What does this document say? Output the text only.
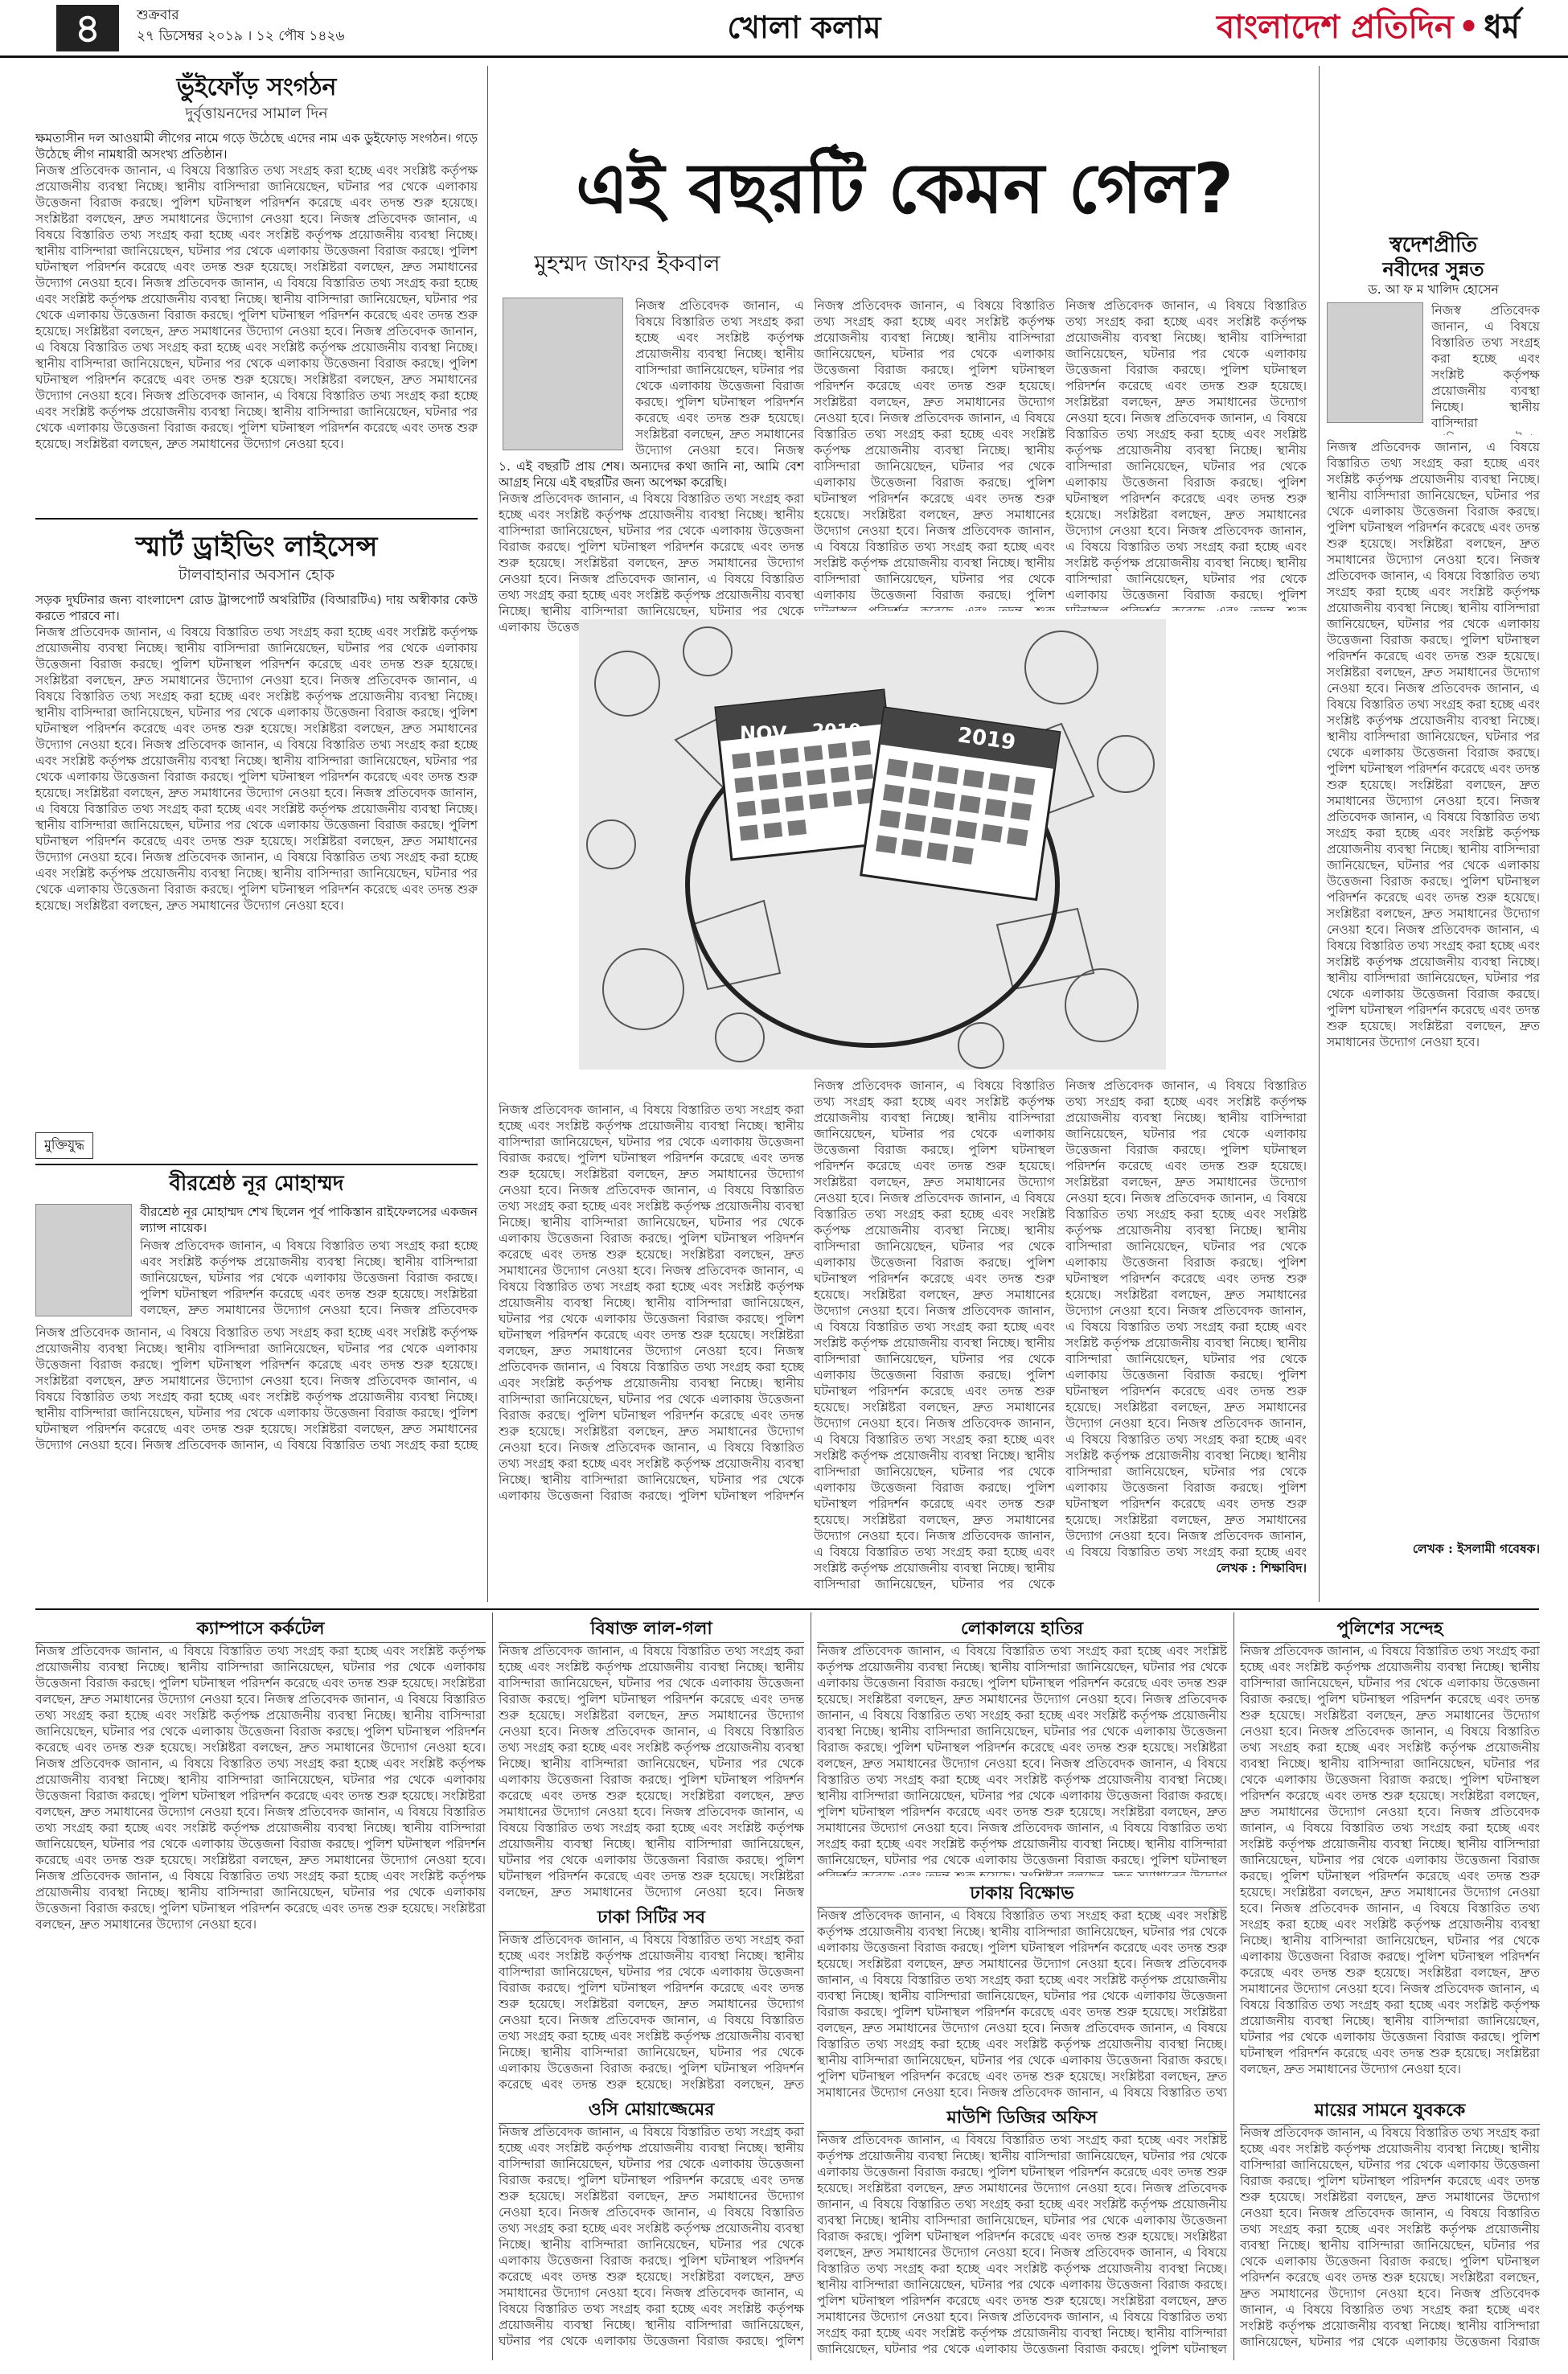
৪	শুক্রবার
২৭ ডিসেম্বর ২০১৯ । ১২ পৌষ ১৪২৬	খোলা কলাম	বাংলাদেশ প্রতিদিন • ধর্ম
ভুঁইফোঁড় সংগঠন
দুর্বৃত্তায়নদের সামাল দিন
ক্ষমতাসীন দল আওয়ামী লীগের নামে গড়ে উঠেছে এদের নাম এক ডুইফোড় সংগঠন। গড়ে উঠেছে লীগ নামধারী অসংখ্য প্রতিষ্ঠান।
নিজস্ব প্রতিবেদক জানান, এ বিষয়ে বিস্তারিত তথ্য সংগ্রহ করা হচ্ছে এবং সংশ্লিষ্ট কর্তৃপক্ষ প্রয়োজনীয় ব্যবস্থা নিচ্ছে। স্থানীয় বাসিন্দারা জানিয়েছেন, ঘটনার পর থেকে এলাকায় উত্তেজনা বিরাজ করছে। পুলিশ ঘটনাস্থল পরিদর্শন করেছে এবং তদন্ত শুরু হয়েছে। সংশ্লিষ্টরা বলছেন, দ্রুত সমাধানের উদ্যোগ নেওয়া হবে। নিজস্ব প্রতিবেদক জানান, এ বিষয়ে বিস্তারিত তথ্য সংগ্রহ করা হচ্ছে এবং সংশ্লিষ্ট কর্তৃপক্ষ প্রয়োজনীয় ব্যবস্থা নিচ্ছে। স্থানীয় বাসিন্দারা জানিয়েছেন, ঘটনার পর থেকে এলাকায় উত্তেজনা বিরাজ করছে। পুলিশ ঘটনাস্থল পরিদর্শন করেছে এবং তদন্ত শুরু হয়েছে। সংশ্লিষ্টরা বলছেন, দ্রুত সমাধানের উদ্যোগ নেওয়া হবে। নিজস্ব প্রতিবেদক জানান, এ বিষয়ে বিস্তারিত তথ্য সংগ্রহ করা হচ্ছে এবং সংশ্লিষ্ট কর্তৃপক্ষ প্রয়োজনীয় ব্যবস্থা নিচ্ছে। স্থানীয় বাসিন্দারা জানিয়েছেন, ঘটনার পর থেকে এলাকায় উত্তেজনা বিরাজ করছে। পুলিশ ঘটনাস্থল পরিদর্শন করেছে এবং তদন্ত শুরু হয়েছে। সংশ্লিষ্টরা বলছেন, দ্রুত সমাধানের উদ্যোগ নেওয়া হবে। নিজস্ব প্রতিবেদক জানান, এ বিষয়ে বিস্তারিত তথ্য সংগ্রহ করা হচ্ছে এবং সংশ্লিষ্ট কর্তৃপক্ষ প্রয়োজনীয় ব্যবস্থা নিচ্ছে। স্থানীয় বাসিন্দারা জানিয়েছেন, ঘটনার পর থেকে এলাকায় উত্তেজনা বিরাজ করছে। পুলিশ ঘটনাস্থল পরিদর্শন করেছে এবং তদন্ত শুরু হয়েছে। সংশ্লিষ্টরা বলছেন, দ্রুত সমাধানের উদ্যোগ নেওয়া হবে। নিজস্ব প্রতিবেদক জানান, এ বিষয়ে বিস্তারিত তথ্য সংগ্রহ করা হচ্ছে এবং সংশ্লিষ্ট কর্তৃপক্ষ প্রয়োজনীয় ব্যবস্থা নিচ্ছে। স্থানীয় বাসিন্দারা জানিয়েছেন, ঘটনার পর থেকে এলাকায় উত্তেজনা বিরাজ করছে। পুলিশ ঘটনাস্থল পরিদর্শন করেছে এবং তদন্ত শুরু হয়েছে। সংশ্লিষ্টরা বলছেন, দ্রুত সমাধানের উদ্যোগ নেওয়া হবে।
স্মার্ট ড্রাইভিং লাইসেন্স
টালবাহানার অবসান হোক
সড়ক দুর্ঘটনার জন্য বাংলাদেশ রোড ট্রান্সপোর্ট অথরিটির (বিআরটিএ) দায় অস্বীকার কেউ করতে পারবে না।
নিজস্ব প্রতিবেদক জানান, এ বিষয়ে বিস্তারিত তথ্য সংগ্রহ করা হচ্ছে এবং সংশ্লিষ্ট কর্তৃপক্ষ প্রয়োজনীয় ব্যবস্থা নিচ্ছে। স্থানীয় বাসিন্দারা জানিয়েছেন, ঘটনার পর থেকে এলাকায় উত্তেজনা বিরাজ করছে। পুলিশ ঘটনাস্থল পরিদর্শন করেছে এবং তদন্ত শুরু হয়েছে। সংশ্লিষ্টরা বলছেন, দ্রুত সমাধানের উদ্যোগ নেওয়া হবে। নিজস্ব প্রতিবেদক জানান, এ বিষয়ে বিস্তারিত তথ্য সংগ্রহ করা হচ্ছে এবং সংশ্লিষ্ট কর্তৃপক্ষ প্রয়োজনীয় ব্যবস্থা নিচ্ছে। স্থানীয় বাসিন্দারা জানিয়েছেন, ঘটনার পর থেকে এলাকায় উত্তেজনা বিরাজ করছে। পুলিশ ঘটনাস্থল পরিদর্শন করেছে এবং তদন্ত শুরু হয়েছে। সংশ্লিষ্টরা বলছেন, দ্রুত সমাধানের উদ্যোগ নেওয়া হবে। নিজস্ব প্রতিবেদক জানান, এ বিষয়ে বিস্তারিত তথ্য সংগ্রহ করা হচ্ছে এবং সংশ্লিষ্ট কর্তৃপক্ষ প্রয়োজনীয় ব্যবস্থা নিচ্ছে। স্থানীয় বাসিন্দারা জানিয়েছেন, ঘটনার পর থেকে এলাকায় উত্তেজনা বিরাজ করছে। পুলিশ ঘটনাস্থল পরিদর্শন করেছে এবং তদন্ত শুরু হয়েছে। সংশ্লিষ্টরা বলছেন, দ্রুত সমাধানের উদ্যোগ নেওয়া হবে। নিজস্ব প্রতিবেদক জানান, এ বিষয়ে বিস্তারিত তথ্য সংগ্রহ করা হচ্ছে এবং সংশ্লিষ্ট কর্তৃপক্ষ প্রয়োজনীয় ব্যবস্থা নিচ্ছে। স্থানীয় বাসিন্দারা জানিয়েছেন, ঘটনার পর থেকে এলাকায় উত্তেজনা বিরাজ করছে। পুলিশ ঘটনাস্থল পরিদর্শন করেছে এবং তদন্ত শুরু হয়েছে। সংশ্লিষ্টরা বলছেন, দ্রুত সমাধানের উদ্যোগ নেওয়া হবে। নিজস্ব প্রতিবেদক জানান, এ বিষয়ে বিস্তারিত তথ্য সংগ্রহ করা হচ্ছে এবং সংশ্লিষ্ট কর্তৃপক্ষ প্রয়োজনীয় ব্যবস্থা নিচ্ছে। স্থানীয় বাসিন্দারা জানিয়েছেন, ঘটনার পর থেকে এলাকায় উত্তেজনা বিরাজ করছে। পুলিশ ঘটনাস্থল পরিদর্শন করেছে এবং তদন্ত শুরু হয়েছে। সংশ্লিষ্টরা বলছেন, দ্রুত সমাধানের উদ্যোগ নেওয়া হবে।
মুক্তিযুদ্ধ
বীরশ্রেষ্ঠ নূর মোহাম্মদ
বীরশ্রেষ্ঠ নূর মোহাম্মদ শেখ ছিলেন পূর্ব পাকিস্তান রাইফেলসের একজন ল্যান্স নায়েক।
নিজস্ব প্রতিবেদক জানান, এ বিষয়ে বিস্তারিত তথ্য সংগ্রহ করা হচ্ছে এবং সংশ্লিষ্ট কর্তৃপক্ষ প্রয়োজনীয় ব্যবস্থা নিচ্ছে। স্থানীয় বাসিন্দারা জানিয়েছেন, ঘটনার পর থেকে এলাকায় উত্তেজনা বিরাজ করছে। পুলিশ ঘটনাস্থল পরিদর্শন করেছে এবং তদন্ত শুরু হয়েছে। সংশ্লিষ্টরা বলছেন, দ্রুত সমাধানের উদ্যোগ নেওয়া হবে। নিজস্ব প্রতিবেদক জানান, এ বিষয়ে বিস্তারিত তথ্য সংগ্রহ করা হচ্ছে এবং সংশ্লিষ্ট কর্তৃপক্ষ প্রয়োজনীয় ব্যবস্থা নিচ্ছে। স্থানীয় বাসিন্দারা জানিয়েছেন, ঘটনার পর থেকে এলাকায় উত্তেজনা বিরাজ করছে। পুলিশ ঘটনাস্থল পরিদর্শন করেছে এবং তদন্ত শুরু হয়েছে। সংশ্লিষ্টরা বলছেন, দ্রুত সমাধানের উদ্যোগ নেওয়া হবে। নিজস্ব প্রতিবেদক জানান, এ বিষয়ে বিস্তারিত তথ্য সংগ্রহ করা হচ্ছে এবং সংশ্লিষ্ট কর্তৃপক্ষ প্রয়োজনীয় ব্যবস্থা নিচ্ছে। স্থানীয় বাসিন্দারা জানিয়েছেন, ঘটনার পর থেকে এলাকায় উত্তেজনা বিরাজ করছে। পুলিশ ঘটনাস্থল পরিদর্শন করেছে এবং তদন্ত শুরু হয়েছে। সংশ্লিষ্টরা বলছেন, দ্রুত সমাধানের উদ্যোগ নেওয়া হবে। নিজস্ব প্রতিবেদক জানান, এ বিষয়ে বিস্তারিত তথ্য সংগ্রহ করা হচ্ছে এবং সংশ্লিষ্ট কর্তৃপক্ষ প্রয়োজনীয় ব্যবস্থা নিচ্ছে। স্থানীয় বাসিন্দারা জানিয়েছেন, ঘটনার পর থেকে এলাকায় উত্তেজনা বিরাজ করছে। পুলিশ ঘটনাস্থল পরিদর্শন করেছে এবং তদন্ত শুরু হয়েছে। সংশ্লিষ্টরা বলছেন, দ্রুত সমাধানের উদ্যোগ নেওয়া হবে। নিজস্ব প্রতিবেদক জানান, এ বিষয়ে বিস্তারিত তথ্য সংগ্রহ করা হচ্ছে এবং সংশ্লিষ্ট কর্তৃপক্ষ প্রয়োজনীয় ব্যবস্থা নিচ্ছে। স্থানীয় বাসিন্দারা জানিয়েছেন, ঘটনার পর থেকে এলাকায় উত্তেজনা বিরাজ করছে। পুলিশ ঘটনাস্থল পরিদর্শন করেছে এবং তদন্ত শুরু হয়েছে। সংশ্লিষ্টরা বলছেন, দ্রুত সমাধানের উদ্যোগ নেওয়া হবে।
নিজস্ব প্রতিবেদক জানান, এ বিষয়ে বিস্তারিত তথ্য সংগ্রহ করা হচ্ছে এবং সংশ্লিষ্ট কর্তৃপক্ষ প্রয়োজনীয় ব্যবস্থা নিচ্ছে। স্থানীয় বাসিন্দারা জানিয়েছেন, ঘটনার পর থেকে এলাকায় উত্তেজনা বিরাজ করছে। পুলিশ ঘটনাস্থল পরিদর্শন করেছে এবং তদন্ত শুরু হয়েছে। সংশ্লিষ্টরা বলছেন, দ্রুত সমাধানের উদ্যোগ নেওয়া হবে। নিজস্ব প্রতিবেদক জানান, এ বিষয়ে বিস্তারিত তথ্য সংগ্রহ করা হচ্ছে এবং সংশ্লিষ্ট কর্তৃপক্ষ প্রয়োজনীয় ব্যবস্থা নিচ্ছে। স্থানীয় বাসিন্দারা জানিয়েছেন, ঘটনার পর থেকে এলাকায় উত্তেজনা বিরাজ করছে। পুলিশ ঘটনাস্থল পরিদর্শন করেছে এবং তদন্ত শুরু হয়েছে। সংশ্লিষ্টরা বলছেন, দ্রুত সমাধানের উদ্যোগ নেওয়া হবে। নিজস্ব প্রতিবেদক জানান, এ বিষয়ে বিস্তারিত তথ্য সংগ্রহ করা হচ্ছে এবং সংশ্লিষ্ট কর্তৃপক্ষ প্রয়োজনীয় ব্যবস্থা নিচ্ছে। স্থানীয় বাসিন্দারা জানিয়েছেন, ঘটনার পর থেকে এলাকায় উত্তেজনা বিরাজ করছে। পুলিশ ঘটনাস্থল পরিদর্শন করেছে এবং তদন্ত শুরু হয়েছে। সংশ্লিষ্টরা বলছেন, দ্রুত সমাধানের উদ্যোগ নেওয়া হবে। নিজস্ব প্রতিবেদক জানান, এ বিষয়ে বিস্তারিত তথ্য সংগ্রহ করা হচ্ছে এবং সংশ্লিষ্ট কর্তৃপক্ষ প্রয়োজনীয় ব্যবস্থা নিচ্ছে। স্থানীয় বাসিন্দারা জানিয়েছেন, ঘটনার পর থেকে এলাকায় উত্তেজনা বিরাজ করছে। পুলিশ ঘটনাস্থল পরিদর্শন করেছে এবং তদন্ত শুরু হয়েছে। সংশ্লিষ্টরা বলছেন, দ্রুত সমাধানের উদ্যোগ নেওয়া হবে। নিজস্ব প্রতিবেদক জানান, এ বিষয়ে বিস্তারিত তথ্য সংগ্রহ করা হচ্ছে এবং সংশ্লিষ্ট কর্তৃপক্ষ প্রয়োজনীয় ব্যবস্থা নিচ্ছে। স্থানীয় বাসিন্দারা জানিয়েছেন, ঘটনার পর থেকে এলাকায় উত্তেজনা বিরাজ করছে। পুলিশ ঘটনাস্থল পরিদর্শন করেছে এবং তদন্ত শুরু হয়েছে। সংশ্লিষ্টরা বলছেন, দ্রুত সমাধানের উদ্যোগ নেওয়া হবে।
এই বছরটি কেমন গেল?
মুহম্মদ জাফর ইকবাল
১. এই বছরটি প্রায় শেষ। অন্যদের কথা জানি না, আমি বেশ আগ্রহ নিয়ে এই বছরটির জন্য অপেক্ষা করেছি।
নিজস্ব প্রতিবেদক জানান, এ বিষয়ে বিস্তারিত তথ্য সংগ্রহ করা হচ্ছে এবং সংশ্লিষ্ট কর্তৃপক্ষ প্রয়োজনীয় ব্যবস্থা নিচ্ছে। স্থানীয় বাসিন্দারা জানিয়েছেন, ঘটনার পর থেকে এলাকায় উত্তেজনা বিরাজ করছে। পুলিশ ঘটনাস্থল পরিদর্শন করেছে এবং তদন্ত শুরু হয়েছে। সংশ্লিষ্টরা বলছেন, দ্রুত সমাধানের উদ্যোগ নেওয়া হবে। নিজস্ব প্রতিবেদক জানান, এ বিষয়ে বিস্তারিত তথ্য সংগ্রহ করা হচ্ছে এবং সংশ্লিষ্ট কর্তৃপক্ষ প্রয়োজনীয় ব্যবস্থা নিচ্ছে। স্থানীয় বাসিন্দারা জানিয়েছেন, ঘটনার পর থেকে এলাকায় উত্তেজনা বিরাজ করছে। পুলিশ ঘটনাস্থল পরিদর্শন করেছে এবং তদন্ত শুরু হয়েছে। সংশ্লিষ্টরা বলছেন, দ্রুত সমাধানের উদ্যোগ নেওয়া হবে। নিজস্ব প্রতিবেদক জানান, এ বিষয়ে বিস্তারিত তথ্য সংগ্রহ করা হচ্ছে এবং সংশ্লিষ্ট কর্তৃপক্ষ প্রয়োজনীয় ব্যবস্থা নিচ্ছে। স্থানীয় বাসিন্দারা জানিয়েছেন, ঘটনার পর থেকে এলাকায় উত্তেজনা বিরাজ করছে। পুলিশ ঘটনাস্থল পরিদর্শন করেছে এবং তদন্ত শুরু হয়েছে। সংশ্লিষ্টরা বলছেন, দ্রুত সমাধানের উদ্যোগ নেওয়া হবে। নিজস্ব প্রতিবেদক জানান, এ বিষয়ে বিস্তারিত তথ্য সংগ্রহ করা হচ্ছে এবং সংশ্লিষ্ট কর্তৃপক্ষ প্রয়োজনীয় ব্যবস্থা নিচ্ছে। স্থানীয় বাসিন্দারা জানিয়েছেন, ঘটনার পর থেকে এলাকায় উত্তেজনা বিরাজ করছে। পুলিশ ঘটনাস্থল পরিদর্শন করেছে এবং তদন্ত শুরু হয়েছে। সংশ্লিষ্টরা বলছেন, দ্রুত সমাধানের উদ্যোগ নেওয়া হবে। নিজস্ব প্রতিবেদক জানান, এ বিষয়ে বিস্তারিত তথ্য সংগ্রহ করা হচ্ছে এবং সংশ্লিষ্ট কর্তৃপক্ষ প্রয়োজনীয় ব্যবস্থা নিচ্ছে। স্থানীয় বাসিন্দারা জানিয়েছেন, ঘটনার পর থেকে এলাকায় উত্তেজনা বিরাজ করছে। পুলিশ ঘটনাস্থল পরিদর্শন করেছে এবং তদন্ত শুরু হয়েছে। সংশ্লিষ্টরা বলছেন, দ্রুত সমাধানের উদ্যোগ নেওয়া হবে।
নিজস্ব প্রতিবেদক জানান, এ বিষয়ে বিস্তারিত তথ্য সংগ্রহ করা হচ্ছে এবং সংশ্লিষ্ট কর্তৃপক্ষ প্রয়োজনীয় ব্যবস্থা নিচ্ছে। স্থানীয় বাসিন্দারা জানিয়েছেন, ঘটনার পর থেকে এলাকায় উত্তেজনা বিরাজ করছে। পুলিশ ঘটনাস্থল পরিদর্শন করেছে এবং তদন্ত শুরু হয়েছে। সংশ্লিষ্টরা বলছেন, দ্রুত সমাধানের উদ্যোগ নেওয়া হবে। নিজস্ব প্রতিবেদক জানান, এ বিষয়ে বিস্তারিত তথ্য সংগ্রহ করা হচ্ছে এবং সংশ্লিষ্ট কর্তৃপক্ষ প্রয়োজনীয় ব্যবস্থা নিচ্ছে। স্থানীয় বাসিন্দারা জানিয়েছেন, ঘটনার পর থেকে এলাকায় উত্তেজনা বিরাজ করছে। পুলিশ ঘটনাস্থল পরিদর্শন করেছে এবং তদন্ত শুরু হয়েছে। সংশ্লিষ্টরা বলছেন, দ্রুত সমাধানের উদ্যোগ নেওয়া হবে। নিজস্ব প্রতিবেদক জানান, এ বিষয়ে বিস্তারিত তথ্য সংগ্রহ করা হচ্ছে এবং সংশ্লিষ্ট কর্তৃপক্ষ প্রয়োজনীয় ব্যবস্থা নিচ্ছে। স্থানীয় বাসিন্দারা জানিয়েছেন, ঘটনার পর থেকে এলাকায় উত্তেজনা বিরাজ করছে। পুলিশ ঘটনাস্থল পরিদর্শন করেছে এবং তদন্ত শুরু হয়েছে। সংশ্লিষ্টরা বলছেন, দ্রুত সমাধানের উদ্যোগ নেওয়া হবে। নিজস্ব প্রতিবেদক জানান, এ বিষয়ে বিস্তারিত তথ্য সংগ্রহ করা হচ্ছে এবং সংশ্লিষ্ট কর্তৃপক্ষ প্রয়োজনীয় ব্যবস্থা নিচ্ছে। স্থানীয় বাসিন্দারা জানিয়েছেন, ঘটনার পর থেকে এলাকায় উত্তেজনা বিরাজ করছে। পুলিশ ঘটনাস্থল পরিদর্শন করেছে এবং তদন্ত শুরু হয়েছে। সংশ্লিষ্টরা বলছেন, দ্রুত সমাধানের উদ্যোগ নেওয়া হবে। নিজস্ব প্রতিবেদক জানান, এ বিষয়ে বিস্তারিত তথ্য সংগ্রহ করা হচ্ছে এবং সংশ্লিষ্ট কর্তৃপক্ষ প্রয়োজনীয় ব্যবস্থা নিচ্ছে। স্থানীয় বাসিন্দারা জানিয়েছেন, ঘটনার পর থেকে এলাকায় উত্তেজনা বিরাজ করছে। পুলিশ ঘটনাস্থল পরিদর্শন করেছে এবং তদন্ত শুরু হয়েছে। সংশ্লিষ্টরা বলছেন, দ্রুত সমাধানের উদ্যোগ নেওয়া হবে।
নিজস্ব প্রতিবেদক জানান, এ বিষয়ে বিস্তারিত তথ্য সংগ্রহ করা হচ্ছে এবং সংশ্লিষ্ট কর্তৃপক্ষ প্রয়োজনীয় ব্যবস্থা নিচ্ছে। স্থানীয় বাসিন্দারা জানিয়েছেন, ঘটনার পর থেকে এলাকায় উত্তেজনা বিরাজ করছে। পুলিশ ঘটনাস্থল পরিদর্শন করেছে এবং তদন্ত শুরু হয়েছে। সংশ্লিষ্টরা বলছেন, দ্রুত সমাধানের উদ্যোগ নেওয়া হবে। নিজস্ব প্রতিবেদক জানান, এ বিষয়ে বিস্তারিত তথ্য সংগ্রহ করা হচ্ছে এবং সংশ্লিষ্ট কর্তৃপক্ষ প্রয়োজনীয় ব্যবস্থা নিচ্ছে। স্থানীয় বাসিন্দারা জানিয়েছেন, ঘটনার পর থেকে এলাকায় উত্তেজনা বিরাজ করছে। পুলিশ ঘটনাস্থল পরিদর্শন করেছে এবং তদন্ত শুরু হয়েছে। সংশ্লিষ্টরা বলছেন, দ্রুত সমাধানের উদ্যোগ নেওয়া হবে। নিজস্ব প্রতিবেদক জানান, এ বিষয়ে বিস্তারিত তথ্য সংগ্রহ করা হচ্ছে এবং সংশ্লিষ্ট কর্তৃপক্ষ প্রয়োজনীয় ব্যবস্থা নিচ্ছে। স্থানীয় বাসিন্দারা জানিয়েছেন, ঘটনার পর থেকে এলাকায় উত্তেজনা বিরাজ করছে। পুলিশ ঘটনাস্থল পরিদর্শন করেছে এবং তদন্ত শুরু হয়েছে। সংশ্লিষ্টরা বলছেন, দ্রুত সমাধানের উদ্যোগ নেওয়া হবে। নিজস্ব প্রতিবেদক জানান, এ বিষয়ে বিস্তারিত তথ্য সংগ্রহ করা হচ্ছে এবং সংশ্লিষ্ট কর্তৃপক্ষ প্রয়োজনীয় ব্যবস্থা নিচ্ছে। স্থানীয় বাসিন্দারা জানিয়েছেন, ঘটনার পর থেকে এলাকায় উত্তেজনা বিরাজ করছে। পুলিশ ঘটনাস্থল পরিদর্শন করেছে এবং তদন্ত শুরু হয়েছে। সংশ্লিষ্টরা বলছেন, দ্রুত সমাধানের উদ্যোগ নেওয়া হবে। নিজস্ব প্রতিবেদক জানান, এ বিষয়ে বিস্তারিত তথ্য সংগ্রহ করা হচ্ছে এবং সংশ্লিষ্ট কর্তৃপক্ষ প্রয়োজনীয় ব্যবস্থা নিচ্ছে। স্থানীয় বাসিন্দারা জানিয়েছেন, ঘটনার পর থেকে এলাকায় উত্তেজনা বিরাজ করছে। পুলিশ ঘটনাস্থল পরিদর্শন করেছে এবং তদন্ত শুরু হয়েছে। সংশ্লিষ্টরা বলছেন, দ্রুত সমাধানের উদ্যোগ নেওয়া হবে।
নিজস্ব প্রতিবেদক জানান, এ বিষয়ে বিস্তারিত তথ্য সংগ্রহ করা হচ্ছে এবং সংশ্লিষ্ট কর্তৃপক্ষ প্রয়োজনীয় ব্যবস্থা নিচ্ছে। স্থানীয় বাসিন্দারা জানিয়েছেন, ঘটনার পর থেকে এলাকায় উত্তেজনা বিরাজ করছে। পুলিশ ঘটনাস্থল পরিদর্শন করেছে এবং তদন্ত শুরু হয়েছে। সংশ্লিষ্টরা বলছেন, দ্রুত সমাধানের উদ্যোগ নেওয়া হবে। নিজস্ব প্রতিবেদক জানান, এ বিষয়ে বিস্তারিত তথ্য সংগ্রহ করা হচ্ছে এবং সংশ্লিষ্ট কর্তৃপক্ষ প্রয়োজনীয় ব্যবস্থা নিচ্ছে। স্থানীয় বাসিন্দারা জানিয়েছেন, ঘটনার পর থেকে এলাকায় উত্তেজনা বিরাজ করছে। পুলিশ ঘটনাস্থল পরিদর্শন করেছে এবং তদন্ত শুরু হয়েছে। সংশ্লিষ্টরা বলছেন, দ্রুত সমাধানের উদ্যোগ নেওয়া হবে। নিজস্ব প্রতিবেদক জানান, এ বিষয়ে বিস্তারিত তথ্য সংগ্রহ করা হচ্ছে এবং সংশ্লিষ্ট কর্তৃপক্ষ প্রয়োজনীয় ব্যবস্থা নিচ্ছে। স্থানীয় বাসিন্দারা জানিয়েছেন, ঘটনার পর থেকে এলাকায় উত্তেজনা বিরাজ করছে। পুলিশ ঘটনাস্থল পরিদর্শন করেছে এবং তদন্ত শুরু হয়েছে। সংশ্লিষ্টরা বলছেন, দ্রুত সমাধানের উদ্যোগ নেওয়া হবে। নিজস্ব প্রতিবেদক জানান, এ বিষয়ে বিস্তারিত তথ্য সংগ্রহ করা হচ্ছে এবং সংশ্লিষ্ট কর্তৃপক্ষ প্রয়োজনীয় ব্যবস্থা নিচ্ছে। স্থানীয় বাসিন্দারা জানিয়েছেন, ঘটনার পর থেকে এলাকায় উত্তেজনা বিরাজ করছে। পুলিশ ঘটনাস্থল পরিদর্শন করেছে এবং তদন্ত শুরু হয়েছে। সংশ্লিষ্টরা বলছেন, দ্রুত সমাধানের উদ্যোগ নেওয়া হবে। নিজস্ব প্রতিবেদক জানান, এ বিষয়ে বিস্তারিত তথ্য সংগ্রহ করা হচ্ছে এবং সংশ্লিষ্ট কর্তৃপক্ষ প্রয়োজনীয় ব্যবস্থা নিচ্ছে। স্থানীয় বাসিন্দারা জানিয়েছেন, ঘটনার পর থেকে এলাকায় উত্তেজনা বিরাজ করছে। পুলিশ ঘটনাস্থল পরিদর্শন করেছে এবং তদন্ত শুরু হয়েছে। সংশ্লিষ্টরা বলছেন, দ্রুত সমাধানের উদ্যোগ নেওয়া হবে।
নিজস্ব প্রতিবেদক জানান, এ বিষয়ে বিস্তারিত তথ্য সংগ্রহ করা হচ্ছে এবং সংশ্লিষ্ট কর্তৃপক্ষ প্রয়োজনীয় ব্যবস্থা নিচ্ছে। স্থানীয় বাসিন্দারা জানিয়েছেন, ঘটনার পর থেকে এলাকায় উত্তেজনা বিরাজ করছে। পুলিশ ঘটনাস্থল পরিদর্শন করেছে এবং তদন্ত শুরু হয়েছে। সংশ্লিষ্টরা বলছেন, দ্রুত সমাধানের উদ্যোগ নেওয়া হবে। নিজস্ব প্রতিবেদক জানান, এ বিষয়ে বিস্তারিত তথ্য সংগ্রহ করা হচ্ছে এবং সংশ্লিষ্ট কর্তৃপক্ষ প্রয়োজনীয় ব্যবস্থা নিচ্ছে। স্থানীয় বাসিন্দারা জানিয়েছেন, ঘটনার পর থেকে এলাকায় উত্তেজনা বিরাজ করছে। পুলিশ ঘটনাস্থল পরিদর্শন করেছে এবং তদন্ত শুরু হয়েছে। সংশ্লিষ্টরা বলছেন, দ্রুত সমাধানের উদ্যোগ নেওয়া হবে। নিজস্ব প্রতিবেদক জানান, এ বিষয়ে বিস্তারিত তথ্য সংগ্রহ করা হচ্ছে এবং সংশ্লিষ্ট কর্তৃপক্ষ প্রয়োজনীয় ব্যবস্থা নিচ্ছে। স্থানীয় বাসিন্দারা জানিয়েছেন, ঘটনার পর থেকে এলাকায় উত্তেজনা বিরাজ করছে। পুলিশ ঘটনাস্থল পরিদর্শন করেছে এবং তদন্ত শুরু হয়েছে। সংশ্লিষ্টরা বলছেন, দ্রুত সমাধানের উদ্যোগ নেওয়া হবে। নিজস্ব প্রতিবেদক জানান, এ বিষয়ে বিস্তারিত তথ্য সংগ্রহ করা হচ্ছে এবং সংশ্লিষ্ট কর্তৃপক্ষ প্রয়োজনীয় ব্যবস্থা নিচ্ছে। স্থানীয় বাসিন্দারা জানিয়েছেন, ঘটনার পর থেকে এলাকায় উত্তেজনা বিরাজ করছে। পুলিশ ঘটনাস্থল পরিদর্শন করেছে এবং তদন্ত শুরু হয়েছে। সংশ্লিষ্টরা বলছেন, দ্রুত সমাধানের উদ্যোগ নেওয়া হবে। নিজস্ব প্রতিবেদক জানান, এ বিষয়ে বিস্তারিত তথ্য সংগ্রহ করা হচ্ছে এবং সংশ্লিষ্ট কর্তৃপক্ষ প্রয়োজনীয় ব্যবস্থা নিচ্ছে। স্থানীয় বাসিন্দারা জানিয়েছেন, ঘটনার পর থেকে এলাকায় উত্তেজনা বিরাজ করছে। পুলিশ ঘটনাস্থল পরিদর্শন করেছে এবং তদন্ত শুরু হয়েছে। সংশ্লিষ্টরা বলছেন, দ্রুত সমাধানের উদ্যোগ নেওয়া হবে।
নিজস্ব প্রতিবেদক জানান, এ বিষয়ে বিস্তারিত তথ্য সংগ্রহ করা হচ্ছে এবং সংশ্লিষ্ট কর্তৃপক্ষ প্রয়োজনীয় ব্যবস্থা নিচ্ছে। স্থানীয় বাসিন্দারা জানিয়েছেন, ঘটনার পর থেকে এলাকায় উত্তেজনা বিরাজ করছে। পুলিশ ঘটনাস্থল পরিদর্শন করেছে এবং তদন্ত শুরু হয়েছে। সংশ্লিষ্টরা বলছেন, দ্রুত সমাধানের উদ্যোগ নেওয়া হবে। নিজস্ব প্রতিবেদক জানান, এ বিষয়ে বিস্তারিত তথ্য সংগ্রহ করা হচ্ছে এবং সংশ্লিষ্ট কর্তৃপক্ষ প্রয়োজনীয় ব্যবস্থা নিচ্ছে। স্থানীয় বাসিন্দারা জানিয়েছেন, ঘটনার পর থেকে এলাকায় উত্তেজনা বিরাজ করছে। পুলিশ ঘটনাস্থল পরিদর্শন করেছে এবং তদন্ত শুরু হয়েছে। সংশ্লিষ্টরা বলছেন, দ্রুত সমাধানের উদ্যোগ নেওয়া হবে। নিজস্ব প্রতিবেদক জানান, এ বিষয়ে বিস্তারিত তথ্য সংগ্রহ করা হচ্ছে এবং সংশ্লিষ্ট কর্তৃপক্ষ প্রয়োজনীয় ব্যবস্থা নিচ্ছে। স্থানীয় বাসিন্দারা জানিয়েছেন, ঘটনার পর থেকে এলাকায় উত্তেজনা বিরাজ করছে। পুলিশ ঘটনাস্থল পরিদর্শন করেছে এবং তদন্ত শুরু হয়েছে। সংশ্লিষ্টরা বলছেন, দ্রুত সমাধানের উদ্যোগ নেওয়া হবে। নিজস্ব প্রতিবেদক জানান, এ বিষয়ে বিস্তারিত তথ্য সংগ্রহ করা হচ্ছে এবং সংশ্লিষ্ট কর্তৃপক্ষ প্রয়োজনীয় ব্যবস্থা নিচ্ছে। স্থানীয় বাসিন্দারা জানিয়েছেন, ঘটনার পর থেকে এলাকায় উত্তেজনা বিরাজ করছে। পুলিশ ঘটনাস্থল পরিদর্শন করেছে এবং তদন্ত শুরু হয়েছে। সংশ্লিষ্টরা বলছেন, দ্রুত সমাধানের উদ্যোগ নেওয়া হবে। নিজস্ব প্রতিবেদক জানান, এ বিষয়ে বিস্তারিত তথ্য সংগ্রহ করা হচ্ছে এবং সংশ্লিষ্ট কর্তৃপক্ষ প্রয়োজনীয় ব্যবস্থা নিচ্ছে। স্থানীয় বাসিন্দারা জানিয়েছেন, ঘটনার পর থেকে এলাকায় উত্তেজনা বিরাজ করছে। পুলিশ ঘটনাস্থল পরিদর্শন করেছে এবং তদন্ত শুরু হয়েছে। সংশ্লিষ্টরা বলছেন, দ্রুত সমাধানের উদ্যোগ নেওয়া হবে।
নিজস্ব প্রতিবেদক জানান, এ বিষয়ে বিস্তারিত তথ্য সংগ্রহ করা হচ্ছে এবং সংশ্লিষ্ট কর্তৃপক্ষ প্রয়োজনীয় ব্যবস্থা নিচ্ছে। স্থানীয় বাসিন্দারা জানিয়েছেন, ঘটনার পর থেকে এলাকায় উত্তেজনা বিরাজ করছে। পুলিশ ঘটনাস্থল পরিদর্শন করেছে এবং তদন্ত শুরু হয়েছে। সংশ্লিষ্টরা বলছেন, দ্রুত সমাধানের উদ্যোগ নেওয়া হবে। নিজস্ব প্রতিবেদক জানান, এ বিষয়ে বিস্তারিত তথ্য সংগ্রহ করা হচ্ছে এবং সংশ্লিষ্ট কর্তৃপক্ষ প্রয়োজনীয় ব্যবস্থা নিচ্ছে। স্থানীয় বাসিন্দারা জানিয়েছেন, ঘটনার পর থেকে এলাকায় উত্তেজনা বিরাজ করছে। পুলিশ ঘটনাস্থল পরিদর্শন করেছে এবং তদন্ত শুরু হয়েছে। সংশ্লিষ্টরা বলছেন, দ্রুত সমাধানের উদ্যোগ নেওয়া হবে। নিজস্ব প্রতিবেদক জানান, এ বিষয়ে বিস্তারিত তথ্য সংগ্রহ করা হচ্ছে এবং সংশ্লিষ্ট কর্তৃপক্ষ প্রয়োজনীয় ব্যবস্থা নিচ্ছে। স্থানীয় বাসিন্দারা জানিয়েছেন, ঘটনার পর থেকে এলাকায় উত্তেজনা বিরাজ করছে। পুলিশ ঘটনাস্থল পরিদর্শন করেছে এবং তদন্ত শুরু হয়েছে। সংশ্লিষ্টরা বলছেন, দ্রুত সমাধানের উদ্যোগ নেওয়া হবে। নিজস্ব প্রতিবেদক জানান, এ বিষয়ে বিস্তারিত তথ্য সংগ্রহ করা হচ্ছে এবং সংশ্লিষ্ট কর্তৃপক্ষ প্রয়োজনীয় ব্যবস্থা নিচ্ছে। স্থানীয় বাসিন্দারা জানিয়েছেন, ঘটনার পর থেকে এলাকায় উত্তেজনা বিরাজ করছে। পুলিশ ঘটনাস্থল পরিদর্শন করেছে এবং তদন্ত শুরু হয়েছে। সংশ্লিষ্টরা বলছেন, দ্রুত সমাধানের উদ্যোগ নেওয়া হবে। নিজস্ব প্রতিবেদক জানান, এ বিষয়ে বিস্তারিত তথ্য সংগ্রহ করা হচ্ছে এবং সংশ্লিষ্ট কর্তৃপক্ষ প্রয়োজনীয় ব্যবস্থা নিচ্ছে। স্থানীয় বাসিন্দারা জানিয়েছেন, ঘটনার পর থেকে এলাকায় উত্তেজনা বিরাজ করছে। পুলিশ ঘটনাস্থল পরিদর্শন করেছে এবং তদন্ত শুরু হয়েছে। সংশ্লিষ্টরা বলছেন, দ্রুত সমাধানের উদ্যোগ নেওয়া হবে।
লেখক : শিক্ষাবিদ।
NOV 2019	2019
স্বদেশপ্রীতি
নবীদের সুন্নত
ড. আ ফ ম খালিদ হোসেন
নিজস্ব প্রতিবেদক জানান, এ বিষয়ে বিস্তারিত তথ্য সংগ্রহ করা হচ্ছে এবং সংশ্লিষ্ট কর্তৃপক্ষ প্রয়োজনীয় ব্যবস্থা নিচ্ছে। স্থানীয় বাসিন্দারা জানিয়েছেন, ঘটনার পর থেকে এলাকায় উত্তেজনা বিরাজ করছে। পুলিশ ঘটনাস্থল পরিদর্শন করেছে এবং তদন্ত শুরু হয়েছে। সংশ্লিষ্টরা বলছেন, দ্রুত সমাধানের উদ্যোগ নেওয়া হবে। নিজস্ব প্রতিবেদক জানান, এ বিষয়ে বিস্তারিত তথ্য সংগ্রহ করা হচ্ছে এবং সংশ্লিষ্ট কর্তৃপক্ষ প্রয়োজনীয় ব্যবস্থা নিচ্ছে। স্থানীয় বাসিন্দারা জানিয়েছেন, ঘটনার পর থেকে এলাকায় উত্তেজনা বিরাজ করছে। পুলিশ ঘটনাস্থল পরিদর্শন করেছে এবং তদন্ত শুরু হয়েছে। সংশ্লিষ্টরা বলছেন, দ্রুত সমাধানের উদ্যোগ নেওয়া হবে। নিজস্ব প্রতিবেদক জানান, এ বিষয়ে বিস্তারিত তথ্য সংগ্রহ করা হচ্ছে এবং সংশ্লিষ্ট কর্তৃপক্ষ প্রয়োজনীয় ব্যবস্থা নিচ্ছে। স্থানীয় বাসিন্দারা জানিয়েছেন, ঘটনার পর থেকে এলাকায় উত্তেজনা বিরাজ করছে। পুলিশ ঘটনাস্থল পরিদর্শন করেছে এবং তদন্ত শুরু হয়েছে। সংশ্লিষ্টরা বলছেন, দ্রুত সমাধানের উদ্যোগ নেওয়া হবে। নিজস্ব প্রতিবেদক জানান, এ বিষয়ে বিস্তারিত তথ্য সংগ্রহ করা হচ্ছে এবং সংশ্লিষ্ট কর্তৃপক্ষ প্রয়োজনীয় ব্যবস্থা নিচ্ছে। স্থানীয় বাসিন্দারা জানিয়েছেন, ঘটনার পর থেকে এলাকায় উত্তেজনা বিরাজ করছে। পুলিশ ঘটনাস্থল পরিদর্শন করেছে এবং তদন্ত শুরু হয়েছে। সংশ্লিষ্টরা বলছেন, দ্রুত সমাধানের উদ্যোগ নেওয়া হবে। নিজস্ব প্রতিবেদক জানান, এ বিষয়ে বিস্তারিত তথ্য সংগ্রহ করা হচ্ছে এবং সংশ্লিষ্ট কর্তৃপক্ষ প্রয়োজনীয় ব্যবস্থা নিচ্ছে। স্থানীয় বাসিন্দারা জানিয়েছেন, ঘটনার পর থেকে এলাকায় উত্তেজনা বিরাজ করছে। পুলিশ ঘটনাস্থল পরিদর্শন করেছে এবং তদন্ত শুরু হয়েছে। সংশ্লিষ্টরা বলছেন, দ্রুত সমাধানের উদ্যোগ নেওয়া হবে।
নিজস্ব প্রতিবেদক জানান, এ বিষয়ে বিস্তারিত তথ্য সংগ্রহ করা হচ্ছে এবং সংশ্লিষ্ট কর্তৃপক্ষ প্রয়োজনীয় ব্যবস্থা নিচ্ছে। স্থানীয় বাসিন্দারা জানিয়েছেন, ঘটনার পর থেকে এলাকায় উত্তেজনা বিরাজ করছে। পুলিশ ঘটনাস্থল পরিদর্শন করেছে এবং তদন্ত শুরু হয়েছে। সংশ্লিষ্টরা বলছেন, দ্রুত সমাধানের উদ্যোগ নেওয়া হবে। নিজস্ব প্রতিবেদক জানান, এ বিষয়ে বিস্তারিত তথ্য সংগ্রহ করা হচ্ছে এবং সংশ্লিষ্ট কর্তৃপক্ষ প্রয়োজনীয় ব্যবস্থা নিচ্ছে। স্থানীয় বাসিন্দারা জানিয়েছেন, ঘটনার পর থেকে এলাকায় উত্তেজনা বিরাজ করছে। পুলিশ ঘটনাস্থল পরিদর্শন করেছে এবং তদন্ত শুরু হয়েছে। সংশ্লিষ্টরা বলছেন, দ্রুত সমাধানের উদ্যোগ নেওয়া হবে। নিজস্ব প্রতিবেদক জানান, এ বিষয়ে বিস্তারিত তথ্য সংগ্রহ করা হচ্ছে এবং সংশ্লিষ্ট কর্তৃপক্ষ প্রয়োজনীয় ব্যবস্থা নিচ্ছে। স্থানীয় বাসিন্দারা জানিয়েছেন, ঘটনার পর থেকে এলাকায় উত্তেজনা বিরাজ করছে। পুলিশ ঘটনাস্থল পরিদর্শন করেছে এবং তদন্ত শুরু হয়েছে। সংশ্লিষ্টরা বলছেন, দ্রুত সমাধানের উদ্যোগ নেওয়া হবে। নিজস্ব প্রতিবেদক জানান, এ বিষয়ে বিস্তারিত তথ্য সংগ্রহ করা হচ্ছে এবং সংশ্লিষ্ট কর্তৃপক্ষ প্রয়োজনীয় ব্যবস্থা নিচ্ছে। স্থানীয় বাসিন্দারা জানিয়েছেন, ঘটনার পর থেকে এলাকায় উত্তেজনা বিরাজ করছে। পুলিশ ঘটনাস্থল পরিদর্শন করেছে এবং তদন্ত শুরু হয়েছে। সংশ্লিষ্টরা বলছেন, দ্রুত সমাধানের উদ্যোগ নেওয়া হবে। নিজস্ব প্রতিবেদক জানান, এ বিষয়ে বিস্তারিত তথ্য সংগ্রহ করা হচ্ছে এবং সংশ্লিষ্ট কর্তৃপক্ষ প্রয়োজনীয় ব্যবস্থা নিচ্ছে। স্থানীয় বাসিন্দারা জানিয়েছেন, ঘটনার পর থেকে এলাকায় উত্তেজনা বিরাজ করছে। পুলিশ ঘটনাস্থল পরিদর্শন করেছে এবং তদন্ত শুরু হয়েছে। সংশ্লিষ্টরা বলছেন, দ্রুত সমাধানের উদ্যোগ নেওয়া হবে।
লেখক : ইসলামী গবেষক।
ক্যাম্পাসে কর্কটেল
নিজস্ব প্রতিবেদক জানান, এ বিষয়ে বিস্তারিত তথ্য সংগ্রহ করা হচ্ছে এবং সংশ্লিষ্ট কর্তৃপক্ষ প্রয়োজনীয় ব্যবস্থা নিচ্ছে। স্থানীয় বাসিন্দারা জানিয়েছেন, ঘটনার পর থেকে এলাকায় উত্তেজনা বিরাজ করছে। পুলিশ ঘটনাস্থল পরিদর্শন করেছে এবং তদন্ত শুরু হয়েছে। সংশ্লিষ্টরা বলছেন, দ্রুত সমাধানের উদ্যোগ নেওয়া হবে। নিজস্ব প্রতিবেদক জানান, এ বিষয়ে বিস্তারিত তথ্য সংগ্রহ করা হচ্ছে এবং সংশ্লিষ্ট কর্তৃপক্ষ প্রয়োজনীয় ব্যবস্থা নিচ্ছে। স্থানীয় বাসিন্দারা জানিয়েছেন, ঘটনার পর থেকে এলাকায় উত্তেজনা বিরাজ করছে। পুলিশ ঘটনাস্থল পরিদর্শন করেছে এবং তদন্ত শুরু হয়েছে। সংশ্লিষ্টরা বলছেন, দ্রুত সমাধানের উদ্যোগ নেওয়া হবে। নিজস্ব প্রতিবেদক জানান, এ বিষয়ে বিস্তারিত তথ্য সংগ্রহ করা হচ্ছে এবং সংশ্লিষ্ট কর্তৃপক্ষ প্রয়োজনীয় ব্যবস্থা নিচ্ছে। স্থানীয় বাসিন্দারা জানিয়েছেন, ঘটনার পর থেকে এলাকায় উত্তেজনা বিরাজ করছে। পুলিশ ঘটনাস্থল পরিদর্শন করেছে এবং তদন্ত শুরু হয়েছে। সংশ্লিষ্টরা বলছেন, দ্রুত সমাধানের উদ্যোগ নেওয়া হবে। নিজস্ব প্রতিবেদক জানান, এ বিষয়ে বিস্তারিত তথ্য সংগ্রহ করা হচ্ছে এবং সংশ্লিষ্ট কর্তৃপক্ষ প্রয়োজনীয় ব্যবস্থা নিচ্ছে। স্থানীয় বাসিন্দারা জানিয়েছেন, ঘটনার পর থেকে এলাকায় উত্তেজনা বিরাজ করছে। পুলিশ ঘটনাস্থল পরিদর্শন করেছে এবং তদন্ত শুরু হয়েছে। সংশ্লিষ্টরা বলছেন, দ্রুত সমাধানের উদ্যোগ নেওয়া হবে। নিজস্ব প্রতিবেদক জানান, এ বিষয়ে বিস্তারিত তথ্য সংগ্রহ করা হচ্ছে এবং সংশ্লিষ্ট কর্তৃপক্ষ প্রয়োজনীয় ব্যবস্থা নিচ্ছে। স্থানীয় বাসিন্দারা জানিয়েছেন, ঘটনার পর থেকে এলাকায় উত্তেজনা বিরাজ করছে। পুলিশ ঘটনাস্থল পরিদর্শন করেছে এবং তদন্ত শুরু হয়েছে। সংশ্লিষ্টরা বলছেন, দ্রুত সমাধানের উদ্যোগ নেওয়া হবে।	বিষাক্ত লাল-গলা
নিজস্ব প্রতিবেদক জানান, এ বিষয়ে বিস্তারিত তথ্য সংগ্রহ করা হচ্ছে এবং সংশ্লিষ্ট কর্তৃপক্ষ প্রয়োজনীয় ব্যবস্থা নিচ্ছে। স্থানীয় বাসিন্দারা জানিয়েছেন, ঘটনার পর থেকে এলাকায় উত্তেজনা বিরাজ করছে। পুলিশ ঘটনাস্থল পরিদর্শন করেছে এবং তদন্ত শুরু হয়েছে। সংশ্লিষ্টরা বলছেন, দ্রুত সমাধানের উদ্যোগ নেওয়া হবে। নিজস্ব প্রতিবেদক জানান, এ বিষয়ে বিস্তারিত তথ্য সংগ্রহ করা হচ্ছে এবং সংশ্লিষ্ট কর্তৃপক্ষ প্রয়োজনীয় ব্যবস্থা নিচ্ছে। স্থানীয় বাসিন্দারা জানিয়েছেন, ঘটনার পর থেকে এলাকায় উত্তেজনা বিরাজ করছে। পুলিশ ঘটনাস্থল পরিদর্শন করেছে এবং তদন্ত শুরু হয়েছে। সংশ্লিষ্টরা বলছেন, দ্রুত সমাধানের উদ্যোগ নেওয়া হবে। নিজস্ব প্রতিবেদক জানান, এ বিষয়ে বিস্তারিত তথ্য সংগ্রহ করা হচ্ছে এবং সংশ্লিষ্ট কর্তৃপক্ষ প্রয়োজনীয় ব্যবস্থা নিচ্ছে। স্থানীয় বাসিন্দারা জানিয়েছেন, ঘটনার পর থেকে এলাকায় উত্তেজনা বিরাজ করছে। পুলিশ ঘটনাস্থল পরিদর্শন করেছে এবং তদন্ত শুরু হয়েছে। সংশ্লিষ্টরা বলছেন, দ্রুত সমাধানের উদ্যোগ নেওয়া হবে। নিজস্ব প্রতিবেদক জানান, এ বিষয়ে বিস্তারিত তথ্য সংগ্রহ করা হচ্ছে এবং সংশ্লিষ্ট কর্তৃপক্ষ প্রয়োজনীয় ব্যবস্থা নিচ্ছে। স্থানীয় বাসিন্দারা জানিয়েছেন, ঘটনার পর থেকে এলাকায় উত্তেজনা বিরাজ করছে। পুলিশ ঘটনাস্থল পরিদর্শন করেছে এবং তদন্ত শুরু হয়েছে। সংশ্লিষ্টরা বলছেন, দ্রুত সমাধানের উদ্যোগ নেওয়া হবে। নিজস্ব প্রতিবেদক জানান, এ বিষয়ে বিস্তারিত তথ্য সংগ্রহ করা হচ্ছে এবং সংশ্লিষ্ট কর্তৃপক্ষ প্রয়োজনীয় ব্যবস্থা নিচ্ছে। স্থানীয় বাসিন্দারা জানিয়েছেন, ঘটনার পর থেকে এলাকায় উত্তেজনা বিরাজ করছে। পুলিশ ঘটনাস্থল পরিদর্শন করেছে এবং তদন্ত শুরু হয়েছে। সংশ্লিষ্টরা বলছেন, দ্রুত সমাধানের উদ্যোগ নেওয়া হবে।
ঢাকা সিটির সব
নিজস্ব প্রতিবেদক জানান, এ বিষয়ে বিস্তারিত তথ্য সংগ্রহ করা হচ্ছে এবং সংশ্লিষ্ট কর্তৃপক্ষ প্রয়োজনীয় ব্যবস্থা নিচ্ছে। স্থানীয় বাসিন্দারা জানিয়েছেন, ঘটনার পর থেকে এলাকায় উত্তেজনা বিরাজ করছে। পুলিশ ঘটনাস্থল পরিদর্শন করেছে এবং তদন্ত শুরু হয়েছে। সংশ্লিষ্টরা বলছেন, দ্রুত সমাধানের উদ্যোগ নেওয়া হবে। নিজস্ব প্রতিবেদক জানান, এ বিষয়ে বিস্তারিত তথ্য সংগ্রহ করা হচ্ছে এবং সংশ্লিষ্ট কর্তৃপক্ষ প্রয়োজনীয় ব্যবস্থা নিচ্ছে। স্থানীয় বাসিন্দারা জানিয়েছেন, ঘটনার পর থেকে এলাকায় উত্তেজনা বিরাজ করছে। পুলিশ ঘটনাস্থল পরিদর্শন করেছে এবং তদন্ত শুরু হয়েছে। সংশ্লিষ্টরা বলছেন, দ্রুত সমাধানের উদ্যোগ নেওয়া হবে। নিজস্ব প্রতিবেদক জানান, এ বিষয়ে বিস্তারিত তথ্য সংগ্রহ করা হচ্ছে এবং সংশ্লিষ্ট কর্তৃপক্ষ প্রয়োজনীয় ব্যবস্থা নিচ্ছে। স্থানীয় বাসিন্দারা জানিয়েছেন, ঘটনার পর থেকে এলাকায় উত্তেজনা বিরাজ করছে। পুলিশ ঘটনাস্থল পরিদর্শন করেছে এবং তদন্ত শুরু হয়েছে। সংশ্লিষ্টরা বলছেন, দ্রুত সমাধানের উদ্যোগ নেওয়া হবে। নিজস্ব প্রতিবেদক জানান, এ বিষয়ে বিস্তারিত তথ্য সংগ্রহ করা হচ্ছে এবং সংশ্লিষ্ট কর্তৃপক্ষ প্রয়োজনীয় ব্যবস্থা নিচ্ছে। স্থানীয় বাসিন্দারা জানিয়েছেন, ঘটনার পর থেকে এলাকায় উত্তেজনা বিরাজ করছে। পুলিশ ঘটনাস্থল পরিদর্শন করেছে এবং তদন্ত শুরু হয়েছে। সংশ্লিষ্টরা বলছেন, দ্রুত সমাধানের উদ্যোগ নেওয়া হবে। নিজস্ব প্রতিবেদক জানান, এ বিষয়ে বিস্তারিত তথ্য সংগ্রহ করা হচ্ছে এবং সংশ্লিষ্ট কর্তৃপক্ষ প্রয়োজনীয় ব্যবস্থা নিচ্ছে। স্থানীয় বাসিন্দারা জানিয়েছেন, ঘটনার পর থেকে এলাকায় উত্তেজনা বিরাজ করছে। পুলিশ ঘটনাস্থল পরিদর্শন করেছে এবং তদন্ত শুরু হয়েছে। সংশ্লিষ্টরা বলছেন, দ্রুত সমাধানের উদ্যোগ নেওয়া হবে।
ওসি মোয়াজ্জেমের
নিজস্ব প্রতিবেদক জানান, এ বিষয়ে বিস্তারিত তথ্য সংগ্রহ করা হচ্ছে এবং সংশ্লিষ্ট কর্তৃপক্ষ প্রয়োজনীয় ব্যবস্থা নিচ্ছে। স্থানীয় বাসিন্দারা জানিয়েছেন, ঘটনার পর থেকে এলাকায় উত্তেজনা বিরাজ করছে। পুলিশ ঘটনাস্থল পরিদর্শন করেছে এবং তদন্ত শুরু হয়েছে। সংশ্লিষ্টরা বলছেন, দ্রুত সমাধানের উদ্যোগ নেওয়া হবে। নিজস্ব প্রতিবেদক জানান, এ বিষয়ে বিস্তারিত তথ্য সংগ্রহ করা হচ্ছে এবং সংশ্লিষ্ট কর্তৃপক্ষ প্রয়োজনীয় ব্যবস্থা নিচ্ছে। স্থানীয় বাসিন্দারা জানিয়েছেন, ঘটনার পর থেকে এলাকায় উত্তেজনা বিরাজ করছে। পুলিশ ঘটনাস্থল পরিদর্শন করেছে এবং তদন্ত শুরু হয়েছে। সংশ্লিষ্টরা বলছেন, দ্রুত সমাধানের উদ্যোগ নেওয়া হবে। নিজস্ব প্রতিবেদক জানান, এ বিষয়ে বিস্তারিত তথ্য সংগ্রহ করা হচ্ছে এবং সংশ্লিষ্ট কর্তৃপক্ষ প্রয়োজনীয় ব্যবস্থা নিচ্ছে। স্থানীয় বাসিন্দারা জানিয়েছেন, ঘটনার পর থেকে এলাকায় উত্তেজনা বিরাজ করছে। পুলিশ ঘটনাস্থল পরিদর্শন করেছে এবং তদন্ত শুরু হয়েছে। সংশ্লিষ্টরা বলছেন, দ্রুত সমাধানের উদ্যোগ নেওয়া হবে। নিজস্ব প্রতিবেদক জানান, এ বিষয়ে বিস্তারিত তথ্য সংগ্রহ করা হচ্ছে এবং সংশ্লিষ্ট কর্তৃপক্ষ প্রয়োজনীয় ব্যবস্থা নিচ্ছে। স্থানীয় বাসিন্দারা জানিয়েছেন, ঘটনার পর থেকে এলাকায় উত্তেজনা বিরাজ করছে। পুলিশ ঘটনাস্থল পরিদর্শন করেছে এবং তদন্ত শুরু হয়েছে। সংশ্লিষ্টরা বলছেন, দ্রুত সমাধানের উদ্যোগ নেওয়া হবে। নিজস্ব প্রতিবেদক জানান, এ বিষয়ে বিস্তারিত তথ্য সংগ্রহ করা হচ্ছে এবং সংশ্লিষ্ট কর্তৃপক্ষ প্রয়োজনীয় ব্যবস্থা নিচ্ছে। স্থানীয় বাসিন্দারা জানিয়েছেন, ঘটনার পর থেকে এলাকায় উত্তেজনা বিরাজ করছে। পুলিশ ঘটনাস্থল পরিদর্শন করেছে এবং তদন্ত শুরু হয়েছে। সংশ্লিষ্টরা বলছেন, দ্রুত সমাধানের উদ্যোগ নেওয়া হবে।
লোকালয়ে হাতির
নিজস্ব প্রতিবেদক জানান, এ বিষয়ে বিস্তারিত তথ্য সংগ্রহ করা হচ্ছে এবং সংশ্লিষ্ট কর্তৃপক্ষ প্রয়োজনীয় ব্যবস্থা নিচ্ছে। স্থানীয় বাসিন্দারা জানিয়েছেন, ঘটনার পর থেকে এলাকায় উত্তেজনা বিরাজ করছে। পুলিশ ঘটনাস্থল পরিদর্শন করেছে এবং তদন্ত শুরু হয়েছে। সংশ্লিষ্টরা বলছেন, দ্রুত সমাধানের উদ্যোগ নেওয়া হবে। নিজস্ব প্রতিবেদক জানান, এ বিষয়ে বিস্তারিত তথ্য সংগ্রহ করা হচ্ছে এবং সংশ্লিষ্ট কর্তৃপক্ষ প্রয়োজনীয় ব্যবস্থা নিচ্ছে। স্থানীয় বাসিন্দারা জানিয়েছেন, ঘটনার পর থেকে এলাকায় উত্তেজনা বিরাজ করছে। পুলিশ ঘটনাস্থল পরিদর্শন করেছে এবং তদন্ত শুরু হয়েছে। সংশ্লিষ্টরা বলছেন, দ্রুত সমাধানের উদ্যোগ নেওয়া হবে। নিজস্ব প্রতিবেদক জানান, এ বিষয়ে বিস্তারিত তথ্য সংগ্রহ করা হচ্ছে এবং সংশ্লিষ্ট কর্তৃপক্ষ প্রয়োজনীয় ব্যবস্থা নিচ্ছে। স্থানীয় বাসিন্দারা জানিয়েছেন, ঘটনার পর থেকে এলাকায় উত্তেজনা বিরাজ করছে। পুলিশ ঘটনাস্থল পরিদর্শন করেছে এবং তদন্ত শুরু হয়েছে। সংশ্লিষ্টরা বলছেন, দ্রুত সমাধানের উদ্যোগ নেওয়া হবে। নিজস্ব প্রতিবেদক জানান, এ বিষয়ে বিস্তারিত তথ্য সংগ্রহ করা হচ্ছে এবং সংশ্লিষ্ট কর্তৃপক্ষ প্রয়োজনীয় ব্যবস্থা নিচ্ছে। স্থানীয় বাসিন্দারা জানিয়েছেন, ঘটনার পর থেকে এলাকায় উত্তেজনা বিরাজ করছে। পুলিশ ঘটনাস্থল পরিদর্শন করেছে এবং তদন্ত শুরু হয়েছে। সংশ্লিষ্টরা বলছেন, দ্রুত সমাধানের উদ্যোগ নেওয়া হবে। নিজস্ব প্রতিবেদক জানান, এ বিষয়ে বিস্তারিত তথ্য সংগ্রহ করা হচ্ছে এবং সংশ্লিষ্ট কর্তৃপক্ষ প্রয়োজনীয় ব্যবস্থা নিচ্ছে। স্থানীয় বাসিন্দারা জানিয়েছেন, ঘটনার পর থেকে এলাকায় উত্তেজনা বিরাজ করছে। পুলিশ ঘটনাস্থল পরিদর্শন করেছে এবং তদন্ত শুরু হয়েছে। সংশ্লিষ্টরা বলছেন, দ্রুত সমাধানের উদ্যোগ নেওয়া হবে।
ঢাকায় বিক্ষোভ
নিজস্ব প্রতিবেদক জানান, এ বিষয়ে বিস্তারিত তথ্য সংগ্রহ করা হচ্ছে এবং সংশ্লিষ্ট কর্তৃপক্ষ প্রয়োজনীয় ব্যবস্থা নিচ্ছে। স্থানীয় বাসিন্দারা জানিয়েছেন, ঘটনার পর থেকে এলাকায় উত্তেজনা বিরাজ করছে। পুলিশ ঘটনাস্থল পরিদর্শন করেছে এবং তদন্ত শুরু হয়েছে। সংশ্লিষ্টরা বলছেন, দ্রুত সমাধানের উদ্যোগ নেওয়া হবে। নিজস্ব প্রতিবেদক জানান, এ বিষয়ে বিস্তারিত তথ্য সংগ্রহ করা হচ্ছে এবং সংশ্লিষ্ট কর্তৃপক্ষ প্রয়োজনীয় ব্যবস্থা নিচ্ছে। স্থানীয় বাসিন্দারা জানিয়েছেন, ঘটনার পর থেকে এলাকায় উত্তেজনা বিরাজ করছে। পুলিশ ঘটনাস্থল পরিদর্শন করেছে এবং তদন্ত শুরু হয়েছে। সংশ্লিষ্টরা বলছেন, দ্রুত সমাধানের উদ্যোগ নেওয়া হবে। নিজস্ব প্রতিবেদক জানান, এ বিষয়ে বিস্তারিত তথ্য সংগ্রহ করা হচ্ছে এবং সংশ্লিষ্ট কর্তৃপক্ষ প্রয়োজনীয় ব্যবস্থা নিচ্ছে। স্থানীয় বাসিন্দারা জানিয়েছেন, ঘটনার পর থেকে এলাকায় উত্তেজনা বিরাজ করছে। পুলিশ ঘটনাস্থল পরিদর্শন করেছে এবং তদন্ত শুরু হয়েছে। সংশ্লিষ্টরা বলছেন, দ্রুত সমাধানের উদ্যোগ নেওয়া হবে। নিজস্ব প্রতিবেদক জানান, এ বিষয়ে বিস্তারিত তথ্য সংগ্রহ করা হচ্ছে এবং সংশ্লিষ্ট কর্তৃপক্ষ প্রয়োজনীয় ব্যবস্থা নিচ্ছে। স্থানীয় বাসিন্দারা জানিয়েছেন, ঘটনার পর থেকে এলাকায় উত্তেজনা বিরাজ করছে। পুলিশ ঘটনাস্থল পরিদর্শন করেছে এবং তদন্ত শুরু হয়েছে। সংশ্লিষ্টরা বলছেন, দ্রুত সমাধানের উদ্যোগ নেওয়া হবে। নিজস্ব প্রতিবেদক জানান, এ বিষয়ে বিস্তারিত তথ্য সংগ্রহ করা হচ্ছে এবং সংশ্লিষ্ট কর্তৃপক্ষ প্রয়োজনীয় ব্যবস্থা নিচ্ছে। স্থানীয় বাসিন্দারা জানিয়েছেন, ঘটনার পর থেকে এলাকায় উত্তেজনা বিরাজ করছে। পুলিশ ঘটনাস্থল পরিদর্শন করেছে এবং তদন্ত শুরু হয়েছে। সংশ্লিষ্টরা বলছেন, দ্রুত সমাধানের উদ্যোগ নেওয়া হবে।
মাউশি ডিজির অফিস
নিজস্ব প্রতিবেদক জানান, এ বিষয়ে বিস্তারিত তথ্য সংগ্রহ করা হচ্ছে এবং সংশ্লিষ্ট কর্তৃপক্ষ প্রয়োজনীয় ব্যবস্থা নিচ্ছে। স্থানীয় বাসিন্দারা জানিয়েছেন, ঘটনার পর থেকে এলাকায় উত্তেজনা বিরাজ করছে। পুলিশ ঘটনাস্থল পরিদর্শন করেছে এবং তদন্ত শুরু হয়েছে। সংশ্লিষ্টরা বলছেন, দ্রুত সমাধানের উদ্যোগ নেওয়া হবে। নিজস্ব প্রতিবেদক জানান, এ বিষয়ে বিস্তারিত তথ্য সংগ্রহ করা হচ্ছে এবং সংশ্লিষ্ট কর্তৃপক্ষ প্রয়োজনীয় ব্যবস্থা নিচ্ছে। স্থানীয় বাসিন্দারা জানিয়েছেন, ঘটনার পর থেকে এলাকায় উত্তেজনা বিরাজ করছে। পুলিশ ঘটনাস্থল পরিদর্শন করেছে এবং তদন্ত শুরু হয়েছে। সংশ্লিষ্টরা বলছেন, দ্রুত সমাধানের উদ্যোগ নেওয়া হবে। নিজস্ব প্রতিবেদক জানান, এ বিষয়ে বিস্তারিত তথ্য সংগ্রহ করা হচ্ছে এবং সংশ্লিষ্ট কর্তৃপক্ষ প্রয়োজনীয় ব্যবস্থা নিচ্ছে। স্থানীয় বাসিন্দারা জানিয়েছেন, ঘটনার পর থেকে এলাকায় উত্তেজনা বিরাজ করছে। পুলিশ ঘটনাস্থল পরিদর্শন করেছে এবং তদন্ত শুরু হয়েছে। সংশ্লিষ্টরা বলছেন, দ্রুত সমাধানের উদ্যোগ নেওয়া হবে। নিজস্ব প্রতিবেদক জানান, এ বিষয়ে বিস্তারিত তথ্য সংগ্রহ করা হচ্ছে এবং সংশ্লিষ্ট কর্তৃপক্ষ প্রয়োজনীয় ব্যবস্থা নিচ্ছে। স্থানীয় বাসিন্দারা জানিয়েছেন, ঘটনার পর থেকে এলাকায় উত্তেজনা বিরাজ করছে। পুলিশ ঘটনাস্থল পরিদর্শন করেছে এবং তদন্ত শুরু হয়েছে। সংশ্লিষ্টরা বলছেন, দ্রুত সমাধানের উদ্যোগ নেওয়া হবে। নিজস্ব প্রতিবেদক জানান, এ বিষয়ে বিস্তারিত তথ্য সংগ্রহ করা হচ্ছে এবং সংশ্লিষ্ট কর্তৃপক্ষ প্রয়োজনীয় ব্যবস্থা নিচ্ছে। স্থানীয় বাসিন্দারা জানিয়েছেন, ঘটনার পর থেকে এলাকায় উত্তেজনা বিরাজ করছে। পুলিশ ঘটনাস্থল পরিদর্শন করেছে এবং তদন্ত শুরু হয়েছে। সংশ্লিষ্টরা বলছেন, দ্রুত সমাধানের উদ্যোগ নেওয়া হবে।
পুলিশের সন্দেহ
নিজস্ব প্রতিবেদক জানান, এ বিষয়ে বিস্তারিত তথ্য সংগ্রহ করা হচ্ছে এবং সংশ্লিষ্ট কর্তৃপক্ষ প্রয়োজনীয় ব্যবস্থা নিচ্ছে। স্থানীয় বাসিন্দারা জানিয়েছেন, ঘটনার পর থেকে এলাকায় উত্তেজনা বিরাজ করছে। পুলিশ ঘটনাস্থল পরিদর্শন করেছে এবং তদন্ত শুরু হয়েছে। সংশ্লিষ্টরা বলছেন, দ্রুত সমাধানের উদ্যোগ নেওয়া হবে। নিজস্ব প্রতিবেদক জানান, এ বিষয়ে বিস্তারিত তথ্য সংগ্রহ করা হচ্ছে এবং সংশ্লিষ্ট কর্তৃপক্ষ প্রয়োজনীয় ব্যবস্থা নিচ্ছে। স্থানীয় বাসিন্দারা জানিয়েছেন, ঘটনার পর থেকে এলাকায় উত্তেজনা বিরাজ করছে। পুলিশ ঘটনাস্থল পরিদর্শন করেছে এবং তদন্ত শুরু হয়েছে। সংশ্লিষ্টরা বলছেন, দ্রুত সমাধানের উদ্যোগ নেওয়া হবে। নিজস্ব প্রতিবেদক জানান, এ বিষয়ে বিস্তারিত তথ্য সংগ্রহ করা হচ্ছে এবং সংশ্লিষ্ট কর্তৃপক্ষ প্রয়োজনীয় ব্যবস্থা নিচ্ছে। স্থানীয় বাসিন্দারা জানিয়েছেন, ঘটনার পর থেকে এলাকায় উত্তেজনা বিরাজ করছে। পুলিশ ঘটনাস্থল পরিদর্শন করেছে এবং তদন্ত শুরু হয়েছে। সংশ্লিষ্টরা বলছেন, দ্রুত সমাধানের উদ্যোগ নেওয়া হবে। নিজস্ব প্রতিবেদক জানান, এ বিষয়ে বিস্তারিত তথ্য সংগ্রহ করা হচ্ছে এবং সংশ্লিষ্ট কর্তৃপক্ষ প্রয়োজনীয় ব্যবস্থা নিচ্ছে। স্থানীয় বাসিন্দারা জানিয়েছেন, ঘটনার পর থেকে এলাকায় উত্তেজনা বিরাজ করছে। পুলিশ ঘটনাস্থল পরিদর্শন করেছে এবং তদন্ত শুরু হয়েছে। সংশ্লিষ্টরা বলছেন, দ্রুত সমাধানের উদ্যোগ নেওয়া হবে। নিজস্ব প্রতিবেদক জানান, এ বিষয়ে বিস্তারিত তথ্য সংগ্রহ করা হচ্ছে এবং সংশ্লিষ্ট কর্তৃপক্ষ প্রয়োজনীয় ব্যবস্থা নিচ্ছে। স্থানীয় বাসিন্দারা জানিয়েছেন, ঘটনার পর থেকে এলাকায় উত্তেজনা বিরাজ করছে। পুলিশ ঘটনাস্থল পরিদর্শন করেছে এবং তদন্ত শুরু হয়েছে। সংশ্লিষ্টরা বলছেন, দ্রুত সমাধানের উদ্যোগ নেওয়া হবে।
মায়ের সামনে যুবককে
নিজস্ব প্রতিবেদক জানান, এ বিষয়ে বিস্তারিত তথ্য সংগ্রহ করা হচ্ছে এবং সংশ্লিষ্ট কর্তৃপক্ষ প্রয়োজনীয় ব্যবস্থা নিচ্ছে। স্থানীয় বাসিন্দারা জানিয়েছেন, ঘটনার পর থেকে এলাকায় উত্তেজনা বিরাজ করছে। পুলিশ ঘটনাস্থল পরিদর্শন করেছে এবং তদন্ত শুরু হয়েছে। সংশ্লিষ্টরা বলছেন, দ্রুত সমাধানের উদ্যোগ নেওয়া হবে। নিজস্ব প্রতিবেদক জানান, এ বিষয়ে বিস্তারিত তথ্য সংগ্রহ করা হচ্ছে এবং সংশ্লিষ্ট কর্তৃপক্ষ প্রয়োজনীয় ব্যবস্থা নিচ্ছে। স্থানীয় বাসিন্দারা জানিয়েছেন, ঘটনার পর থেকে এলাকায় উত্তেজনা বিরাজ করছে। পুলিশ ঘটনাস্থল পরিদর্শন করেছে এবং তদন্ত শুরু হয়েছে। সংশ্লিষ্টরা বলছেন, দ্রুত সমাধানের উদ্যোগ নেওয়া হবে। নিজস্ব প্রতিবেদক জানান, এ বিষয়ে বিস্তারিত তথ্য সংগ্রহ করা হচ্ছে এবং সংশ্লিষ্ট কর্তৃপক্ষ প্রয়োজনীয় ব্যবস্থা নিচ্ছে। স্থানীয় বাসিন্দারা জানিয়েছেন, ঘটনার পর থেকে এলাকায় উত্তেজনা বিরাজ করছে। পুলিশ ঘটনাস্থল পরিদর্শন করেছে এবং তদন্ত শুরু হয়েছে। সংশ্লিষ্টরা বলছেন, দ্রুত সমাধানের উদ্যোগ নেওয়া হবে। নিজস্ব প্রতিবেদক জানান, এ বিষয়ে বিস্তারিত তথ্য সংগ্রহ করা হচ্ছে এবং সংশ্লিষ্ট কর্তৃপক্ষ প্রয়োজনীয় ব্যবস্থা নিচ্ছে। স্থানীয় বাসিন্দারা জানিয়েছেন, ঘটনার পর থেকে এলাকায় উত্তেজনা বিরাজ করছে। পুলিশ ঘটনাস্থল পরিদর্শন করেছে এবং তদন্ত শুরু হয়েছে। সংশ্লিষ্টরা বলছেন, দ্রুত সমাধানের উদ্যোগ নেওয়া হবে। নিজস্ব প্রতিবেদক জানান, এ বিষয়ে বিস্তারিত তথ্য সংগ্রহ করা হচ্ছে এবং সংশ্লিষ্ট কর্তৃপক্ষ প্রয়োজনীয় ব্যবস্থা নিচ্ছে। স্থানীয় বাসিন্দারা জানিয়েছেন, ঘটনার পর থেকে এলাকায় উত্তেজনা বিরাজ করছে। পুলিশ ঘটনাস্থল পরিদর্শন করেছে এবং তদন্ত শুরু হয়েছে। সংশ্লিষ্টরা বলছেন, দ্রুত সমাধানের উদ্যোগ নেওয়া হবে।
